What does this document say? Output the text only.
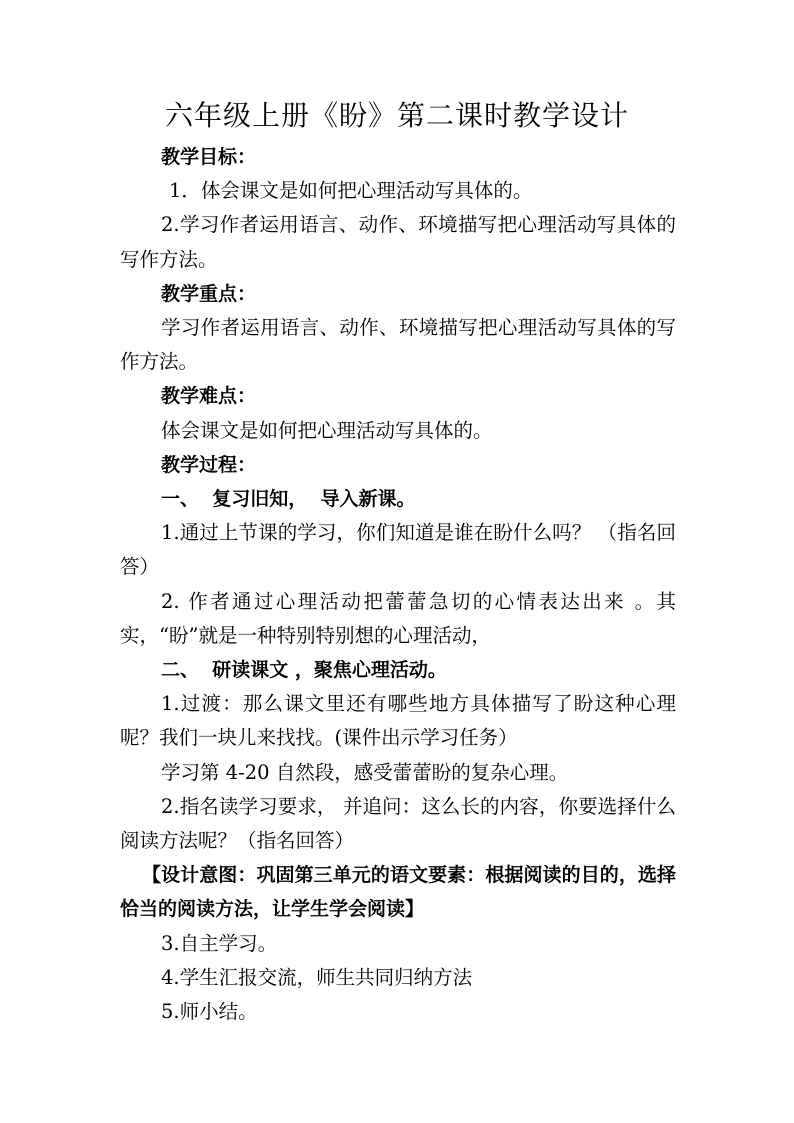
六年级上册《盼》第二课时教学设计

教学目标：

1．体会课文是如何把心理活动写具体的。

2.学习作者运用语言、动作、环境描写把心理活动写具体的写作方法。

教学重点：

学习作者运用语言、动作、环境描写把心理活动写具体的写作方法。

教学难点：

体会课文是如何把心理活动写具体的。

教学过程：

一、  复习旧知，  导入新课。

1.通过上节课的学习，你们知道是谁在盼什么吗？ （指名回答）

2. 作者通过心理活动把蕾蕾急切的心情表达出来 。其实，“盼”就是一种特别特别想的心理活动，

二、  研读课文 ，聚焦心理活动。

1.过渡：那么课文里还有哪些地方具体描写了盼这种心理呢？我们一块儿来找找。(课件出示学习任务）

学习第 4-20 自然段，感受蕾蕾盼的复杂心理。

2.指名读学习要求， 并追问：这么长的内容，你要选择什么阅读方法呢？（指名回答）

【设计意图：巩固第三单元的语文要素：根据阅读的目的，选择恰当的阅读方法，让学生学会阅读】

3.自主学习。

4.学生汇报交流，师生共同归纳方法

5.师小结。
